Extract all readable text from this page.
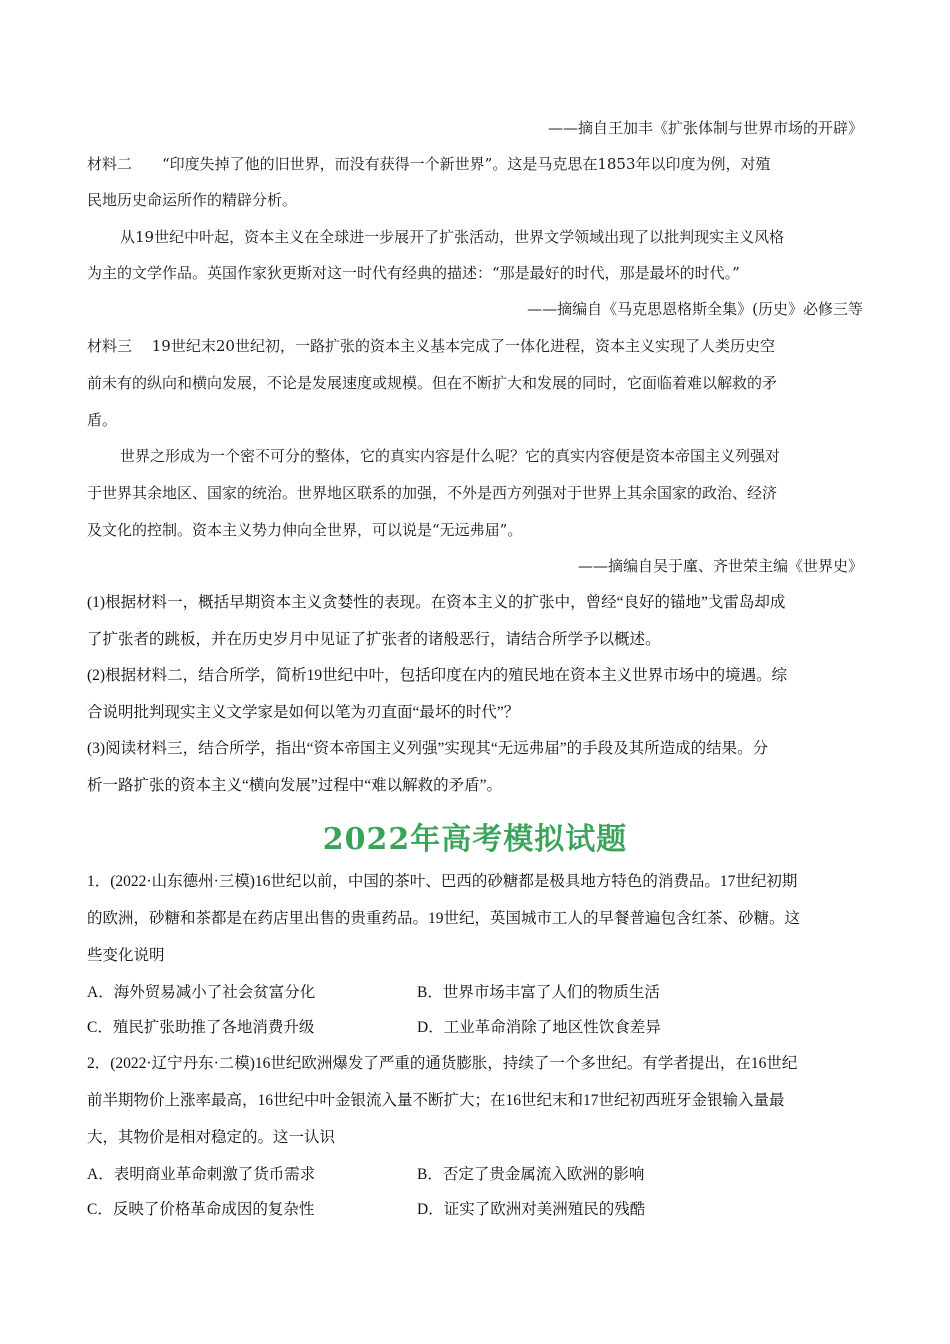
——摘自王加丰《扩张体制与世界市场的开辟》
材料二　　“印度失掉了他的旧世界，而没有获得一个新世界”。这是马克思在1853年以印度为例，对殖
民地历史命运所作的精辟分析。
从19世纪中叶起，资本主义在全球进一步展开了扩张活动，世界文学领域出现了以批判现实主义风格
为主的文学作品。英国作家狄更斯对这一时代有经典的描述：“那是最好的时代，那是最坏的时代。”
——摘编自《马克思恩格斯全集》(历史》必修三等
材料三　 19世纪末20世纪初，一路扩张的资本主义基本完成了一体化进程，资本主义实现了人类历史空
前未有的纵向和横向发展，不论是发展速度或规模。但在不断扩大和发展的同时，它面临着难以解救的矛
盾。
世界之形成为一个密不可分的整体，它的真实内容是什么呢？它的真实内容便是资本帝国主义列强对
于世界其余地区、国家的统治。世界地区联系的加强，不外是西方列强对于世界上其余国家的政治、经济
及文化的控制。资本主义势力伸向全世界，可以说是“无远弗届”。
——摘编自吴于廑、齐世荣主编《世界史》
(1)根据材料一，概括早期资本主义贪婪性的表现。在资本主义的扩张中，曾经“良好的锚地”戈雷岛却成
了扩张者的跳板，并在历史岁月中见证了扩张者的诸般恶行，请结合所学予以概述。
(2)根据材料二，结合所学，简析19世纪中叶，包括印度在内的殖民地在资本主义世界市场中的境遇。综
合说明批判现实主义文学家是如何以笔为刃直面“最坏的时代”？
(3)阅读材料三，结合所学，指出“资本帝国主义列强”实现其“无远弗届”的手段及其所造成的结果。分
析一路扩张的资本主义“横向发展”过程中“难以解救的矛盾”。
2022年高考模拟试题
1．(2022·山东德州·三模)16世纪以前，中国的茶叶、巴西的砂糖都是极具地方特色的消费品。17世纪初期
的欧洲，砂糖和茶都是在药店里出售的贵重药品。19世纪，英国城市工人的早餐普遍包含红茶、砂糖。这
些变化说明
A．海外贸易减小了社会贫富分化	B．世界市场丰富了人们的物质生活
C．殖民扩张助推了各地消费升级	D．工业革命消除了地区性饮食差异
2．(2022·辽宁丹东·二模)16世纪欧洲爆发了严重的通货膨胀，持续了一个多世纪。有学者提出，在16世纪
前半期物价上涨率最高，16世纪中叶金银流入量不断扩大；在16世纪末和17世纪初西班牙金银输入量最
大，其物价是相对稳定的。这一认识
A．表明商业革命刺激了货币需求	B．否定了贵金属流入欧洲的影响
C．反映了价格革命成因的复杂性	D．证实了欧洲对美洲殖民的残酷
